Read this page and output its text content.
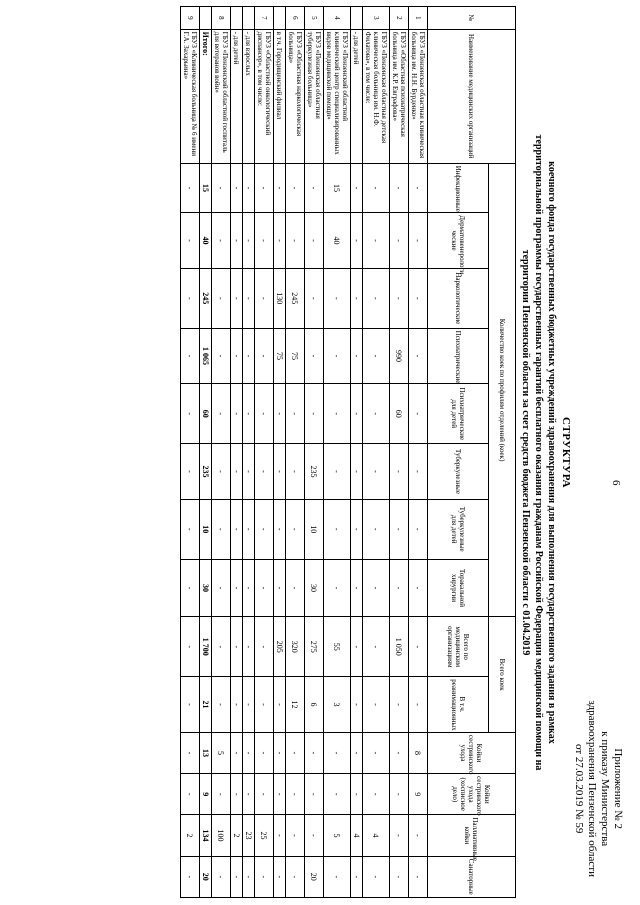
6
Приложение № 2
к приказу Министерства
здравоохранения Пензенской области
от 27.03.2019 № 59
СТРУКТУРА
коечного фонда государственных бюджетных учреждений здравоохранения для выполнения государственного задания в рамках
территориальной программы государственных гарантий бесплатного оказания гражданам Российской Федерации медицинской помощи на
территории Пензенской области за счет средств бюджета Пензенской области с 01.04.2019
№	Наименование медицинских организаций	Количество коек по профилям отделений (коек)								Всего коек		Койки сестринского ухода	Койки сестринского ухода (хосписное дело)	Паллиативные койки	Санаторные
		Инфекционные	Дерматовенерологи-ческие	Наркологические	Психиатрические	Психиатрические для детей	Туберкулезные	Туберкулезные для детей	Торакальной хирургии	Всего по медицинским организациям	В т.ч. реанимационных				

1	ГБУЗ «Пензенская областная клиническая больница им. Н.Н. Бурденко»	-	-	-	-	-	-	-	-	-	-	8	9	-	-
2	ГБУЗ «Областная психиатрическая больница им. К.Р. Евграфова»	-	-	-	990	60	-	-	-	1 050	-	-	-	-	-
3	ГБУЗ «Пензенская областная детская клиническая больница им. Н.Ф. Филатова», в том числе:	-	-	-	-	-	-	-	-	-	-	-	-	4	-
	- для детей	-	-	-	-	-	-	-	-	-	-	-	-	4	-
4	ГБУЗ «Пензенский областной клинический центр специализированных видов медицинской помощи»	15	40	-	-	-	-	-	-	55	3	-	-	5	-
5	ГБУЗ «Пензенская областная туберкулезная больница»	-	-	-	-	-	235	10	30	275	6	-	-	-	20
6	ГБУЗ «Областная наркологическая больница»	-	-	245	75	-	-	-	-	320	12	-	-	-	-
	в т.ч. Городищенский филиал	-	-	130	75	-	-	-	-	205	-	-	-	-	-
7	ГБУЗ «Областной онкологический диспансер», в том числе:	-	-	-	-	-	-	-	-	-	-	-	-	25	-
	- для взрослых	-	-	-	-	-	-	-	-	-	-	-	-	23	-
	- для детей	-	-	-	-	-	-	-	-	-	-	-	-	2	-
8	ГБУЗ «Пензенский областной госпиталь для ветеранов войн»	-	-	-	-	-	-	-	-	-	-	5	-	100	-
	Итого:	15	40	245	1 065	60	235	10	30	1 700	21	13	9	134	20
9	ГБУЗ «Клиническая больница № 6 имени Г.А. Захарьина»	-	-	-	-	-	-	-	-	-	-	-	-	2	-
